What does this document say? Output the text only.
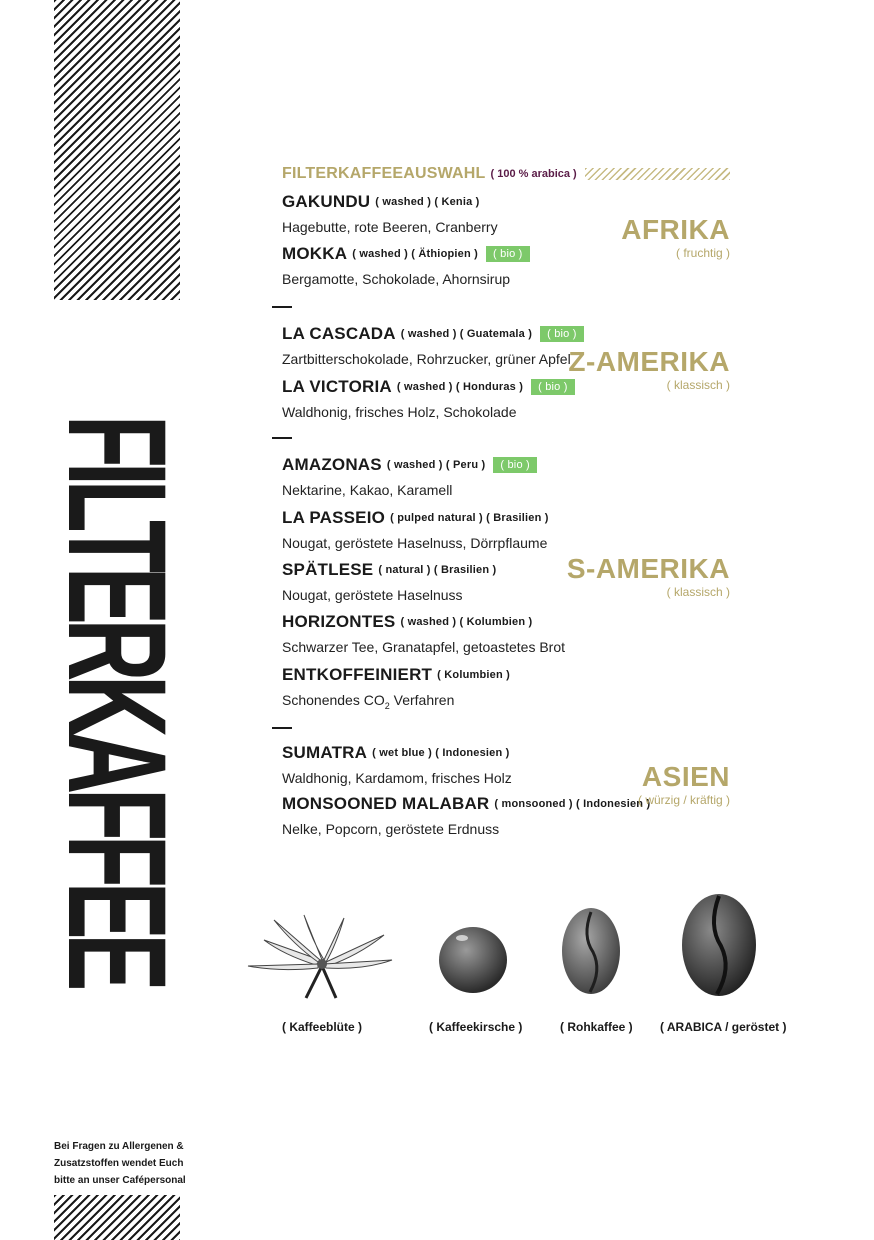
FILTERKAFFEE
FILTERKAFFEEAUSWAHL ( 100 % arabica )
GAKUNDU ( washed ) ( Kenia )
Hagebutte, rote Beeren, Cranberry
MOKKA ( washed ) ( Äthiopien )	( bio )
Bergamotte, Schokolade, Ahornsirup
AFRIKA
( fruchtig )
LA CASCADA ( washed ) ( Guatemala )	( bio )
Zartbitterschokolade, Rohrzucker, grüner Apfel
LA VICTORIA ( washed ) ( Honduras )	( bio )
Waldhonig, frisches Holz, Schokolade
Z-AMERIKA
( klassisch )
AMAZONAS ( washed ) ( Peru )	( bio )
Nektarine, Kakao, Karamell
LA PASSEIO ( pulped natural ) ( Brasilien )
Nougat, geröstete Haselnuss, Dörrpflaume
SPÄTLESE ( natural ) ( Brasilien )
Nougat, geröstete Haselnuss
HORIZONTES ( washed ) ( Kolumbien )
Schwarzer Tee, Granatapfel, getoastetes Brot
ENTKOFFEINIERT ( Kolumbien )
Schonendes $CO_2$ Verfahren
S-AMERIKA
( klassisch )
SUMATRA ( wet blue ) ( Indonesien )
Waldhonig, Kardamom, frisches Holz
MONSOONED MALABAR ( monsooned ) ( Indonesien )
Nelke, Popcorn, geröstete Erdnuss
ASIEN
( würzig / kräftig )
( Kaffeeblüte )	( Kaffeekirsche )	( Rohkaffee ) ( ARABICA / geröstet )
Bei Fragen zu Allergenen & Zusatzstoffen wendet Euch bitte an unser Cafépersonal
